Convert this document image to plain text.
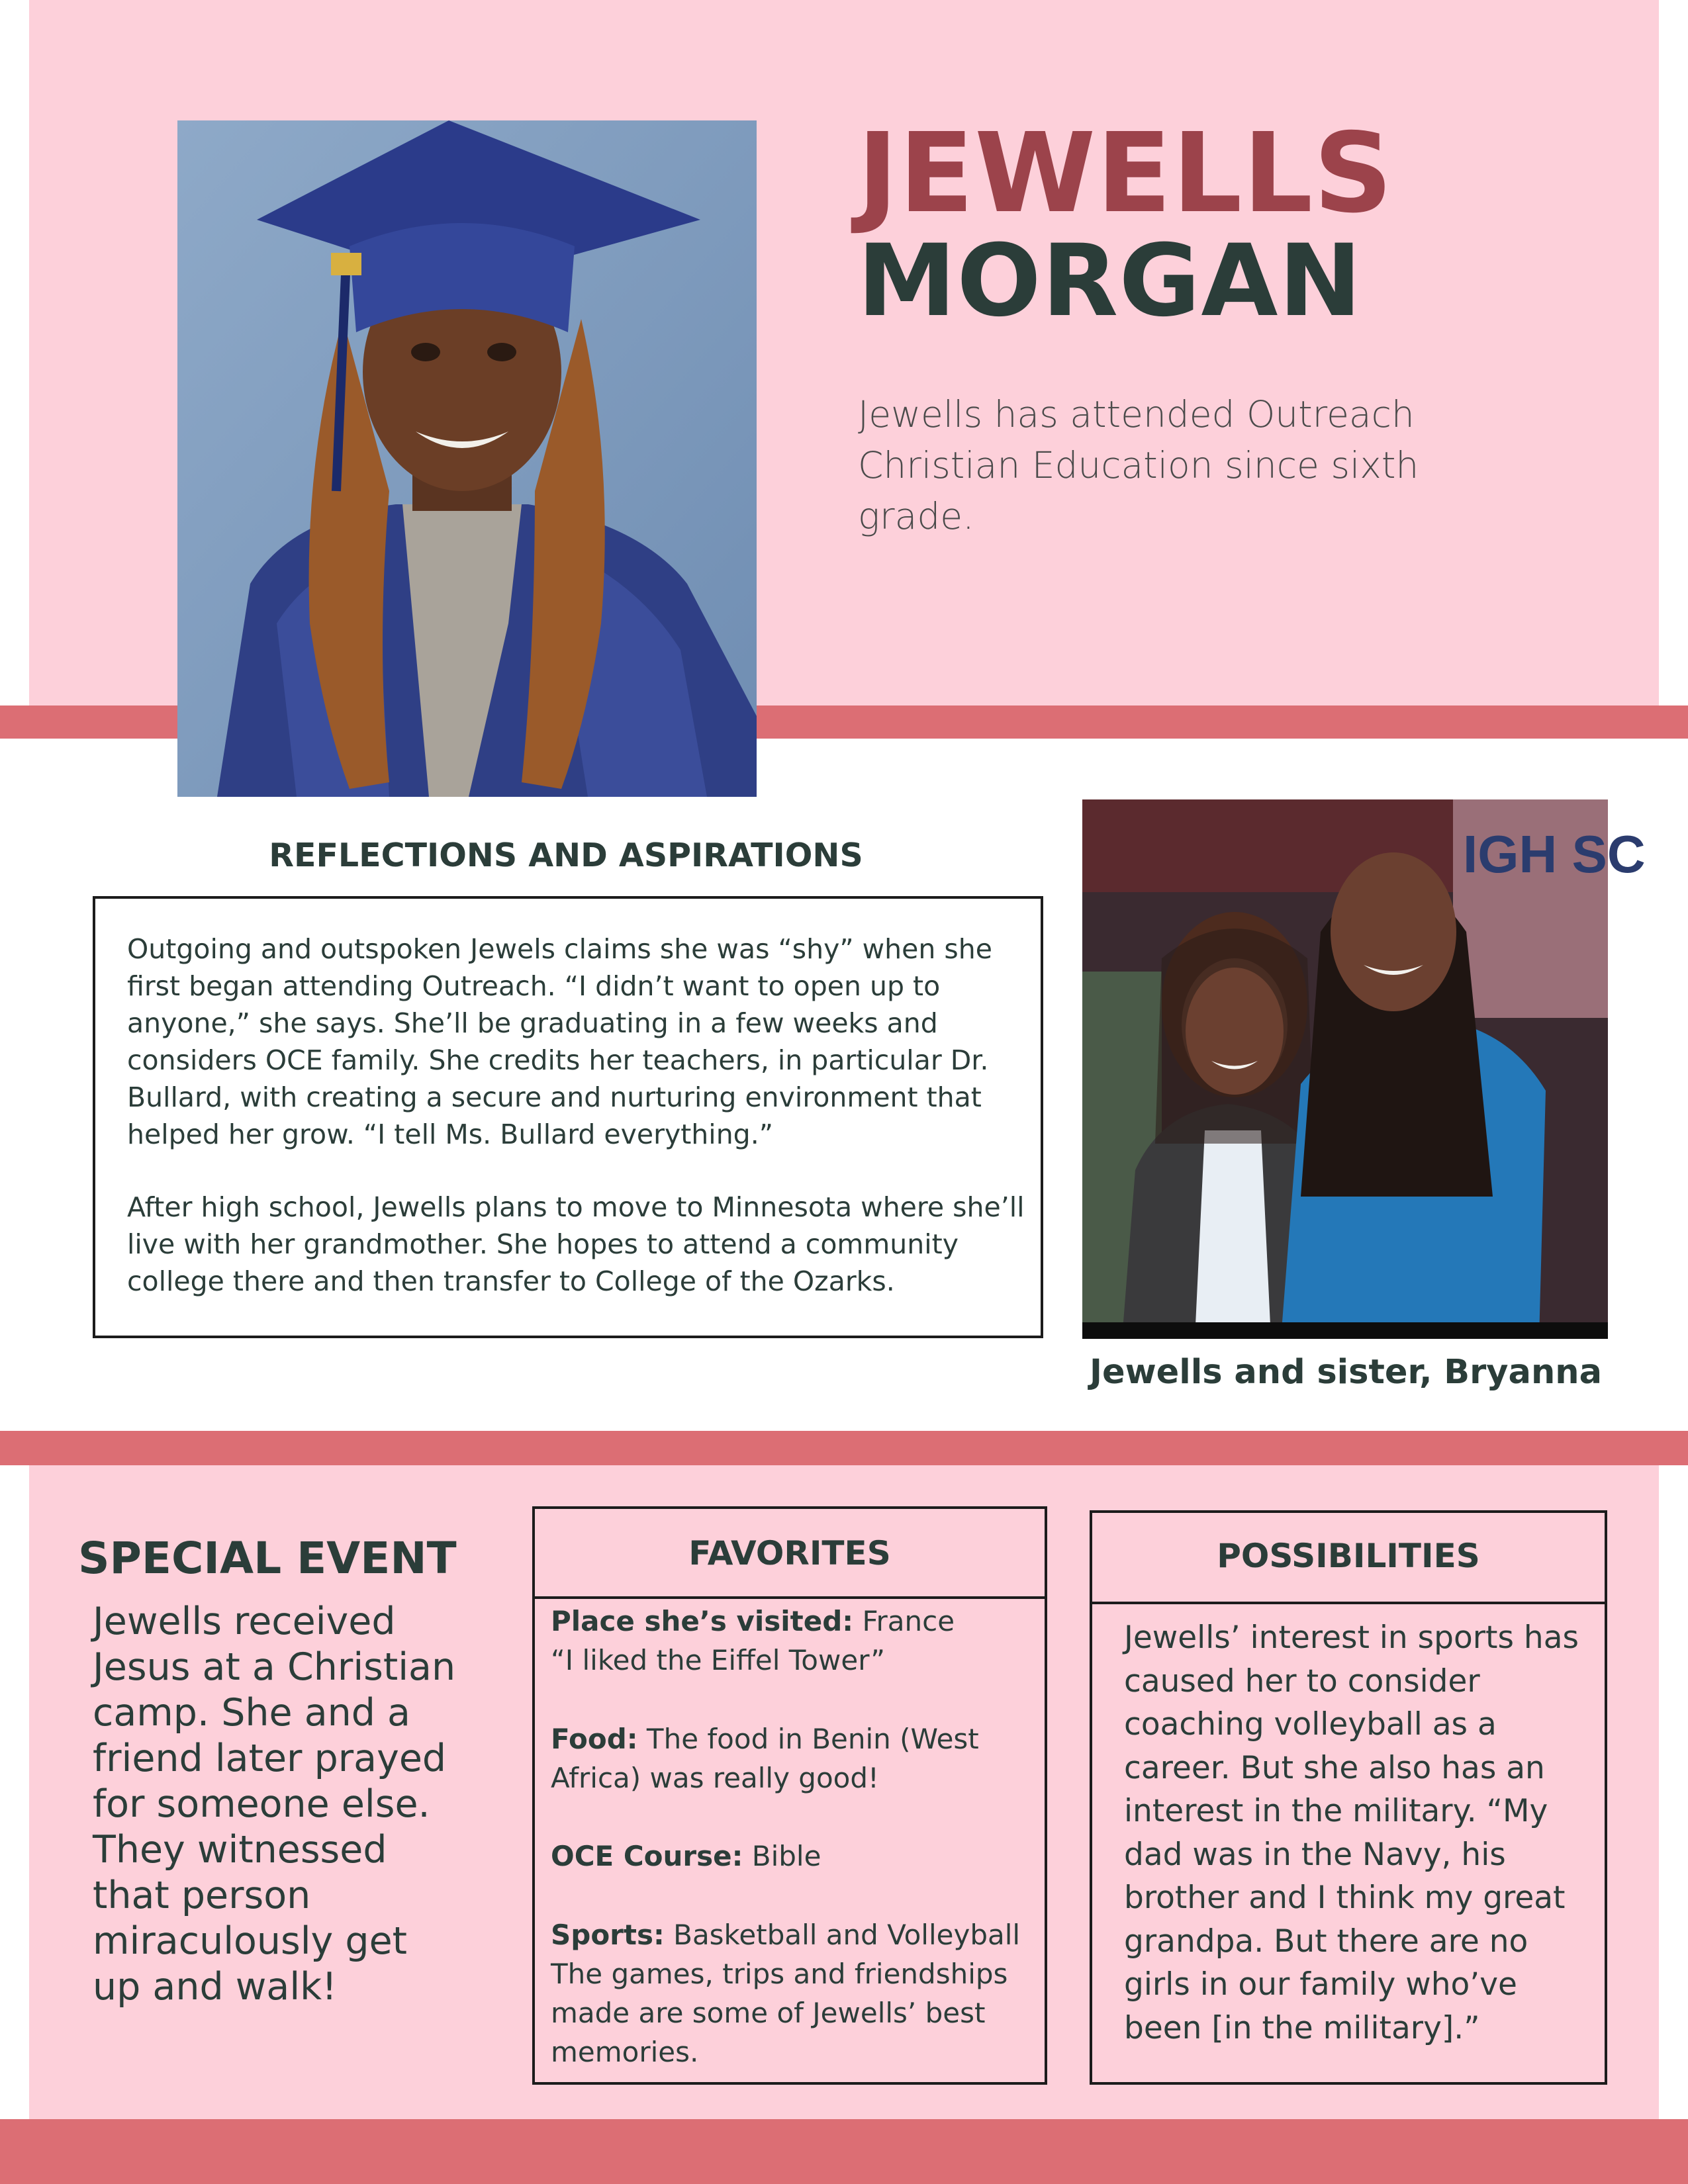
JEWELLS
MORGAN
Jewells has attended Outreach Christian Education since sixth grade.
REFLECTIONS AND ASPIRATIONS
Outgoing and outspoken Jewels claims she was “shy” when she first began attending Outreach. “I didn’t want to open up to anyone,” she says. She’ll be graduating in a few weeks and considers OCE family. She credits her teachers, in particular Dr. Bullard, with creating a secure and nurturing environment that helped her grow. “I tell Ms. Bullard everything.”
After high school, Jewells plans to move to Minnesota where she’ll live with her grandmother. She hopes to attend a community college there and then transfer to College of the Ozarks.
IGH SC
Jewells and sister, Bryanna
SPECIAL EVENT
Jewells received Jesus at a Christian camp. She and a friend later prayed for someone else. They witnessed that person miraculously get up and walk!
FAVORITES
Place she’s visited: France
“I liked the Eiffel Tower”
Food: The food in Benin (West Africa) was really good!
OCE Course: Bible
Sports: Basketball and Volleyball
The games, trips and friendships made are some of Jewells’ best memories.
POSSIBILITIES
Jewells’ interest in sports has caused her to consider coaching volleyball as a career. But she also has an interest in the military. “My dad was in the Navy, his brother and I think my great grandpa. But there are no girls in our family who’ve been [in the military].”
